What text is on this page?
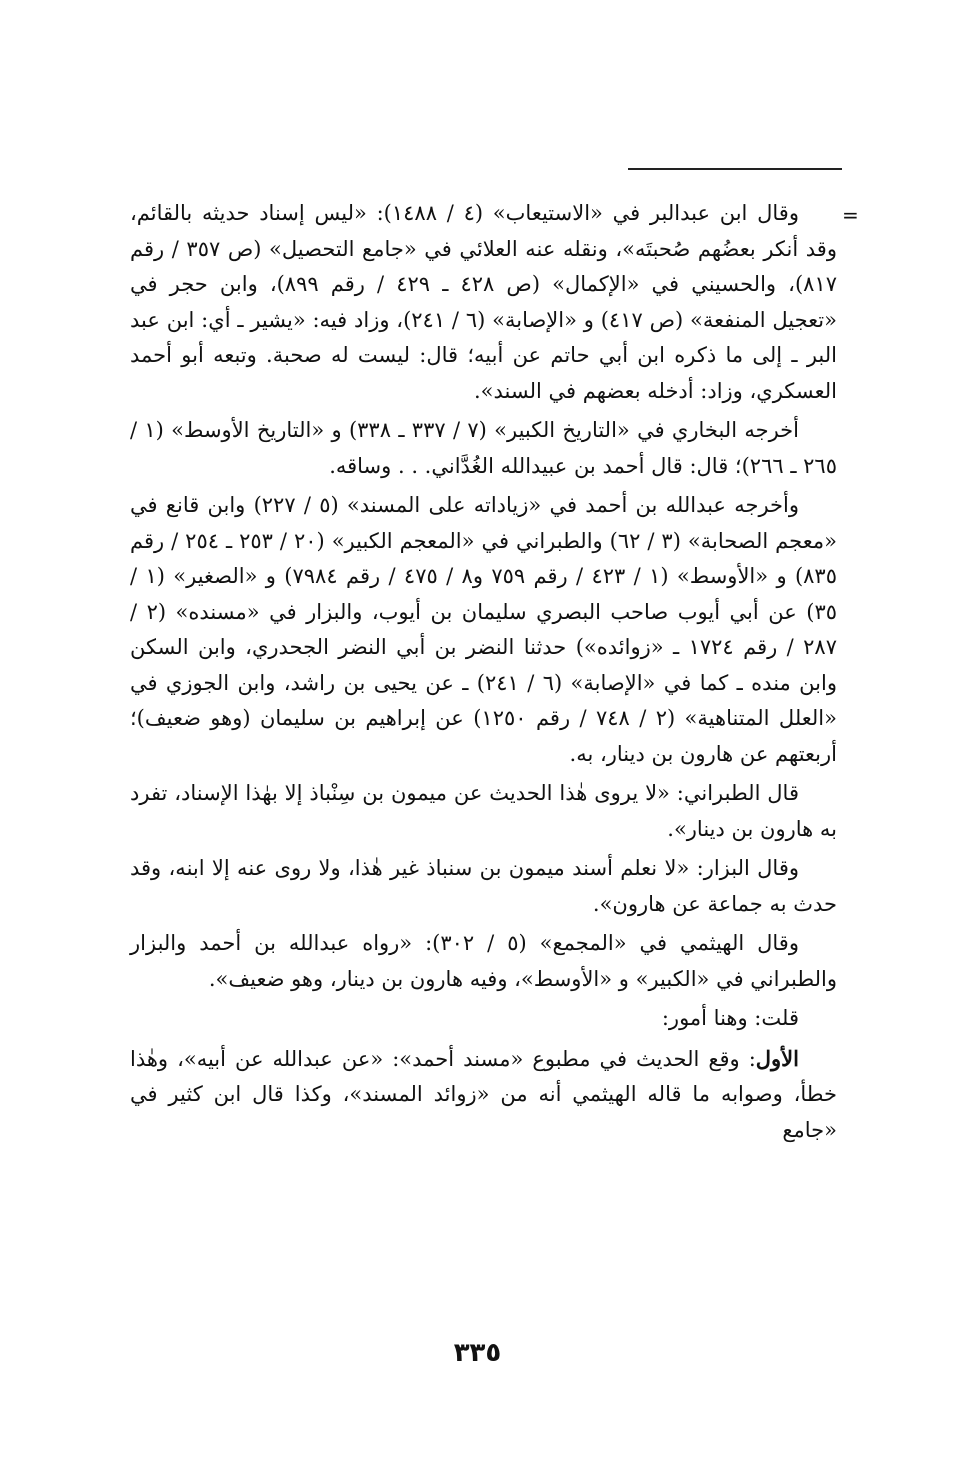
=

وقال ابن عبدالبر في «الاستيعاب» (٤ / ١٤٨٨): «ليس إسناد حديثه بالقائم، وقد أنكر بعضُهم صُحبتَه»، ونقله عنه العلائي في «جامع التحصيل» (ص ٣٥٧ / رقم ٨١٧)، والحسيني في «الإكمال» (ص ٤٢٨ ـ ٤٢٩ / رقم ٨٩٩)، وابن حجر في «تعجيل المنفعة» (ص ٤١٧) و «الإصابة» (٦ / ٢٤١)، وزاد فيه: «يشير ـ أي: ابن عبد البر ـ إلى ما ذكره ابن أبي حاتم عن أبيه؛ قال: ليست له صحبة. وتبعه أبو أحمد العسكري، وزاد: أدخله بعضهم في السند».

أخرجه البخاري في «التاريخ الكبير» (٧ / ٣٣٧ ـ ٣٣٨) و «التاريخ الأوسط» (١ / ٢٦٥ ـ ٢٦٦)؛ قال: قال أحمد بن عبيدالله الغُدَّاني. . . وساقه.

وأخرجه عبدالله بن أحمد في «زياداته على المسند» (٥ / ٢٢٧) وابن قانع في «معجم الصحابة» (٣ / ٦٢) والطبراني في «المعجم الكبير» (٢٠ / ٢٥٣ ـ ٢٥٤ / رقم ٨٣٥) و «الأوسط» (١ / ٤٢٣ / رقم ٧٥٩ و٨ / ٤٧٥ / رقم ٧٩٨٤) و «الصغير» (١ / ٣٥) عن أبي أيوب صاحب البصري سليمان بن أيوب، والبزار في «مسنده» (٢ / ٢٨٧ / رقم ١٧٢٤ ـ «زوائده») حدثنا النضر بن أبي النضر الجحدري، وابن السكن وابن منده ـ كما في «الإصابة» (٦ / ٢٤١) ـ عن يحيى بن راشد، وابن الجوزي في «العلل المتناهية» (٢ / ٧٤٨ / رقم ١٢٥٠) عن إبراهيم بن سليمان (وهو ضعيف)؛ أربعتهم عن هارون بن دينار، به.

قال الطبراني: «لا يروى هٰذا الحديث عن ميمون بن سِنْباذ إلا بهٰذا الإسناد، تفرد به هارون بن دينار».

وقال البزار: «لا نعلم أسند ميمون بن سنباذ غير هٰذا، ولا روى عنه إلا ابنه، وقد حدث به جماعة عن هارون».

وقال الهيثمي في «المجمع» (٥ / ٣٠٢): «رواه عبدالله بن أحمد والبزار والطبراني في «الكبير» و «الأوسط»، وفيه هارون بن دينار، وهو ضعيف».

قلت: وهنا أمور:

الأول: وقع الحديث في مطبوع «مسند أحمد»: «عن عبدالله عن أبيه»، وهٰذا خطأ، وصوابه ما قاله الهيثمي أنه من «زوائد المسند»، وكذا قال ابن كثير في «جامع

٣٣٥
